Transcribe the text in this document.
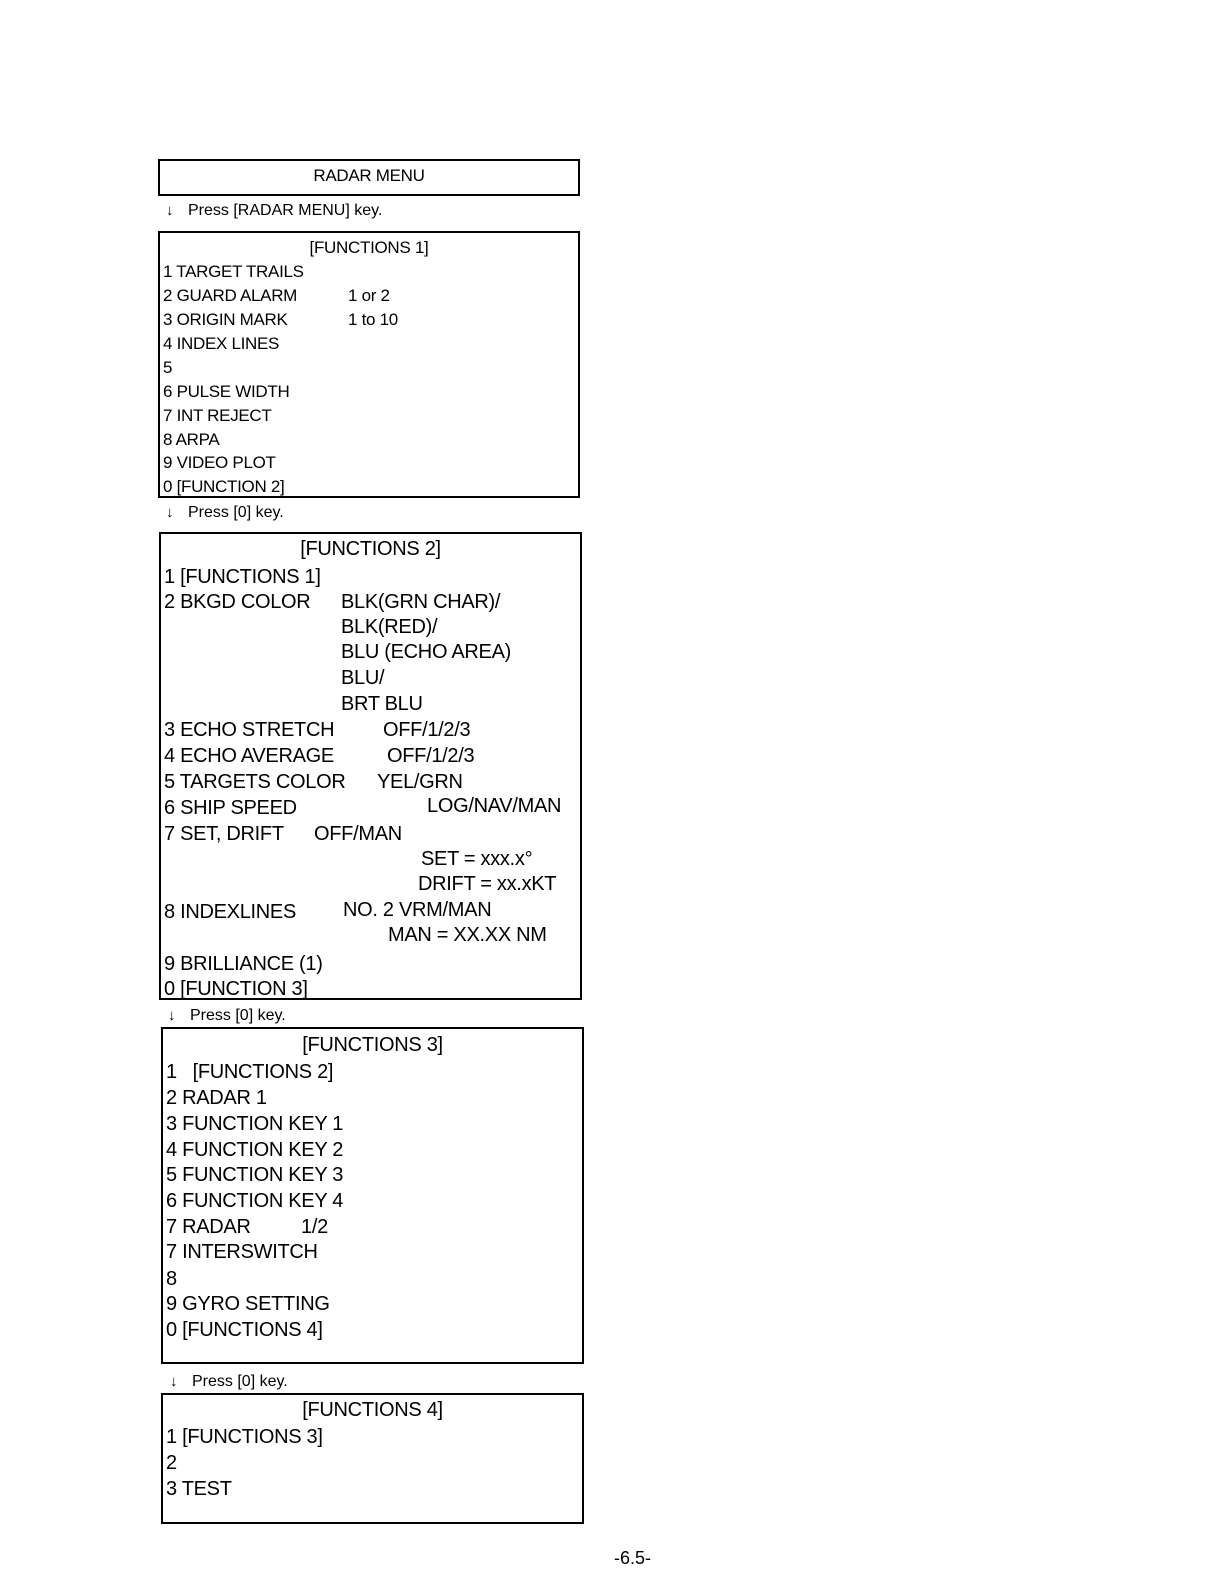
RADAR MENU
↓ Press [RADAR MENU] key.
[FUNCTIONS 1]
1 TARGET TRAILS
2 GUARD ALARM	1 or 2
3 ORIGIN MARK	1 to 10
4 INDEX LINES
5
6 PULSE WIDTH
7 INT REJECT
8 ARPA
9 VIDEO PLOT
0 [FUNCTION 2]
↓ Press [0] key.
[FUNCTIONS 2]
1 [FUNCTIONS 1]
2 BKGD COLOR BLK(GRN CHAR)/
BLK(RED)/
BLU (ECHO AREA)
BLU/
BRT BLU
3 ECHO STRETCH OFF/1/2/3
4 ECHO AVERAGE	OFF/1/2/3
5 TARGETS COLOR YEL/GRN
6 SHIP SPEED	LOG/NAV/MAN
7 SET, DRIFT OFF/MAN
SET = xxx.x°
DRIFT = xx.xKT
8 INDEXLINES NO. 2 VRM/MAN
MAN = XX.XX NM
9 BRILLIANCE (1)
0 [FUNCTION 3]
↓ Press [0] key.
[FUNCTIONS 3]
1   [FUNCTIONS 2]
2 RADAR 1
3 FUNCTION KEY 1
4 FUNCTION KEY 2
5 FUNCTION KEY 3
6 FUNCTION KEY 4
7 RADAR	1/2
7 INTERSWITCH
8
9 GYRO SETTING
0 [FUNCTIONS 4]
↓ Press [0] key.
[FUNCTIONS 4]
1 [FUNCTIONS 3]
2
3 TEST
-6.5-
